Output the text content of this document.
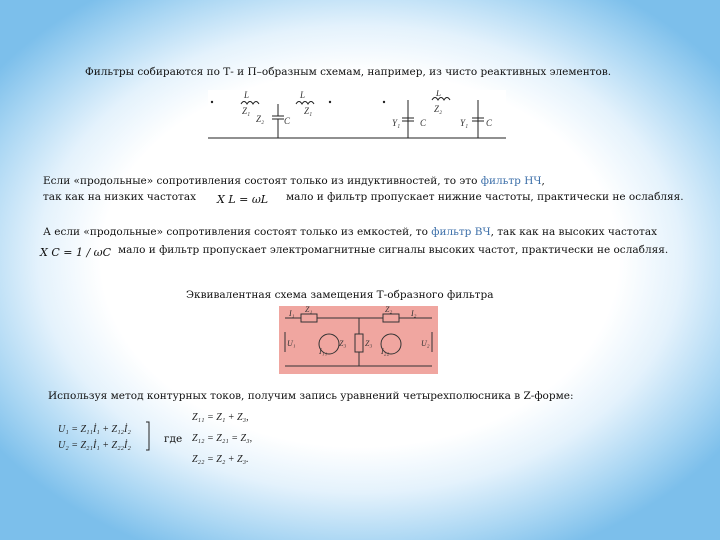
Фильтры собираются по Т- и П–образным схемам, например, из чисто реактивных элементов.
L	L
Z₁	Z₁
Z₂ C
L
Z₂
Y₁ C	Y₁ C
Если «продольные» сопротивления состоят только из индуктивностей, то это фильтр НЧ,
так как на низких частотах X L = ωL мало и фильтр пропускает нижние частоты, практически не ослабляя.
А если «продольные» сопротивления состоят только из емкостей, то фильтр ВЧ, так как на высоких частотах
X C = 1 / ωC мало и фильтр пропускает электромагнитные сигналы высоких частот, практически не ослабляя.
Эквивалентная схема замещения Т-образного фильтра
Z₁	Z₂
I₁	I₂
Z₃ Z₃
I₁₁	I₂₂
U₁	U₂
Используя метод контурных токов, получим запись уравнений четырехполюсника в Z-форме:
U₁ = Z₁₁İ₁ + Z₁₂İ₂
U₂ = Z₂₁İ₁ + Z₂₂İ₂
Z₁₁ = Z₁ + Z₃,
Z₁₂ = Z₂₁ = Z₃,
Z₂₂ = Z₂ + Z₃.
где
